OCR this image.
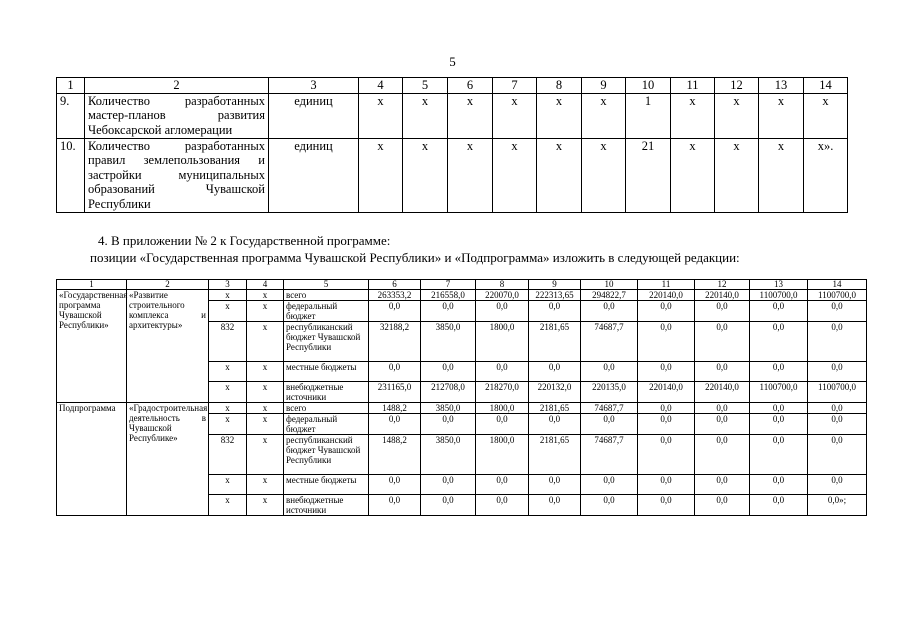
5
1	2	3	4	5	6	7	8	9	10	11	12	13	14
9.	Количество разработанных мастер-планов развития Чебоксарской агломерации	единиц	x	x	x	x	x	x	1	x	x	x	x
10.	Количество разработанных правил землепользования и застройки муниципальных образований Чувашской Республики	единиц	x	x	x	x	x	x	21	x	x	x	x».
4. В приложении № 2 к Государственной программе:
позиции «Государственная программа Чувашской Республики» и «Подпрограмма» изложить в следующей редакции:
1	2	3	4	5	6	7	8	9	10	11	12	13	14
«Государственная программа Чувашской Республики»	«Развитие строительного комплекса и архитектуры»	x	x	всего	263353,2	216558,0	220070,0	222313,65	294822,7	220140,0	220140,0	1100700,0	1100700,0
		x	x	федеральный бюджет	0,0	0,0	0,0	0,0	0,0	0,0	0,0	0,0	0,0
		832	x	республиканский бюджет Чувашской Республики	32188,2	3850,0	1800,0	2181,65	74687,7	0,0	0,0	0,0	0,0
		x	x	местные бюджеты	0,0	0,0	0,0	0,0	0,0	0,0	0,0	0,0	0,0
		x	x	внебюджетные источники	231165,0	212708,0	218270,0	220132,0	220135,0	220140,0	220140,0	1100700,0	1100700,0
Подпрограмма	«Градостроительная деятельность в Чувашской Республике»	x	x	всего	1488,2	3850,0	1800,0	2181,65	74687,7	0,0	0,0	0,0	0,0
		x	x	федеральный бюджет	0,0	0,0	0,0	0,0	0,0	0,0	0,0	0,0	0,0
		832	x	республиканский бюджет Чувашской Республики	1488,2	3850,0	1800,0	2181,65	74687,7	0,0	0,0	0,0	0,0
		x	x	местные бюджеты	0,0	0,0	0,0	0,0	0,0	0,0	0,0	0,0	0,0
		x	x	внебюджетные источники	0,0	0,0	0,0	0,0	0,0	0,0	0,0	0,0	0,0»;
